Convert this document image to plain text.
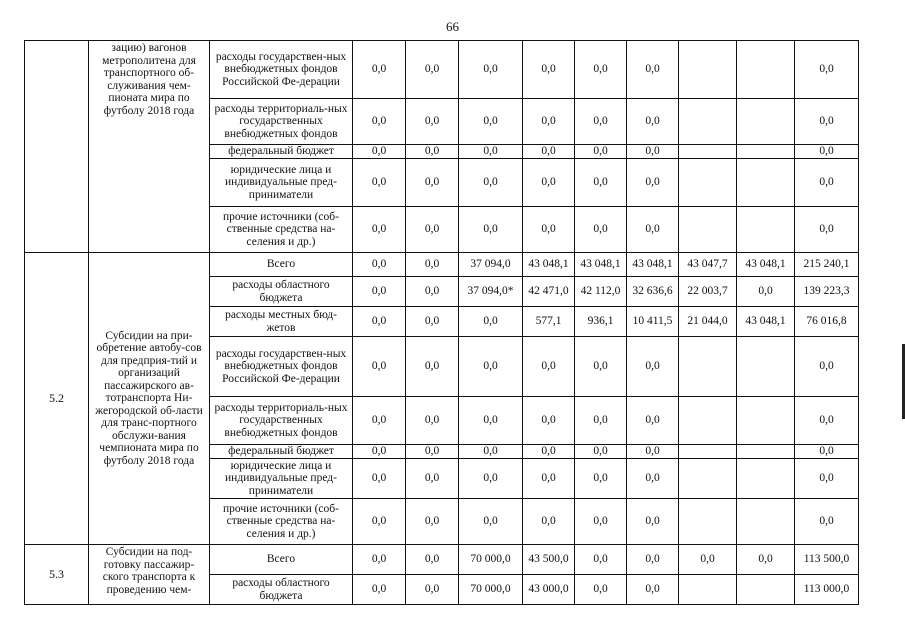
66
	зацию) вагонов метрополитена для транспортного об-служивания чем-пионата мира по футболу 2018 года	расходы государствен-ных внебюджетных фондов Российской Фе-дерации	0,0	0,0	0,0	0,0	0,0	0,0			0,0
		расходы территориаль-ных государственных внебюджетных фондов	0,0	0,0	0,0	0,0	0,0	0,0			0,0
		федеральный бюджет	0,0	0,0	0,0	0,0	0,0	0,0			0,0
		юридические лица и индивидуальные пред-приниматели	0,0	0,0	0,0	0,0	0,0	0,0			0,0
		прочие источники (соб-ственные средства на-селения и др.)	0,0	0,0	0,0	0,0	0,0	0,0			0,0
5.2	Субсидии на при-обретение автобу-сов для предприя-тий и организаций пассажирского ав-тотранспорта Ни-жегородской об-ласти для транс-портного обслужи-вания чемпионата мира по футболу 2018 года	Всего	0,0	0,0	37 094,0	43 048,1	43 048,1	43 048,1	43 047,7	43 048,1	215 240,1
		расходы областного бюджета	0,0	0,0	37 094,0*	42 471,0	42 112,0	32 636,6	22 003,7	0,0	139 223,3
		расходы местных бюд-жетов	0,0	0,0	0,0	577,1	936,1	10 411,5	21 044,0	43 048,1	76 016,8
		расходы государствен-ных внебюджетных фондов Российской Фе-дерации	0,0	0,0	0,0	0,0	0,0	0,0			0,0
		расходы территориаль-ных государственных внебюджетных фондов	0,0	0,0	0,0	0,0	0,0	0,0			0,0
		федеральный бюджет	0,0	0,0	0,0	0,0	0,0	0,0			0,0
		юридические лица и индивидуальные пред-приниматели	0,0	0,0	0,0	0,0	0,0	0,0			0,0
		прочие источники (соб-ственные средства на-селения и др.)	0,0	0,0	0,0	0,0	0,0	0,0			0,0
5.3	Субсидии на под-готовку пассажир-ского транспорта к проведению чем-	Всего	0,0	0,0	70 000,0	43 500,0	0,0	0,0	0,0	0,0	113 500,0
		расходы областного бюджета	0,0	0,0	70 000,0	43 000,0	0,0	0,0			113 000,0
